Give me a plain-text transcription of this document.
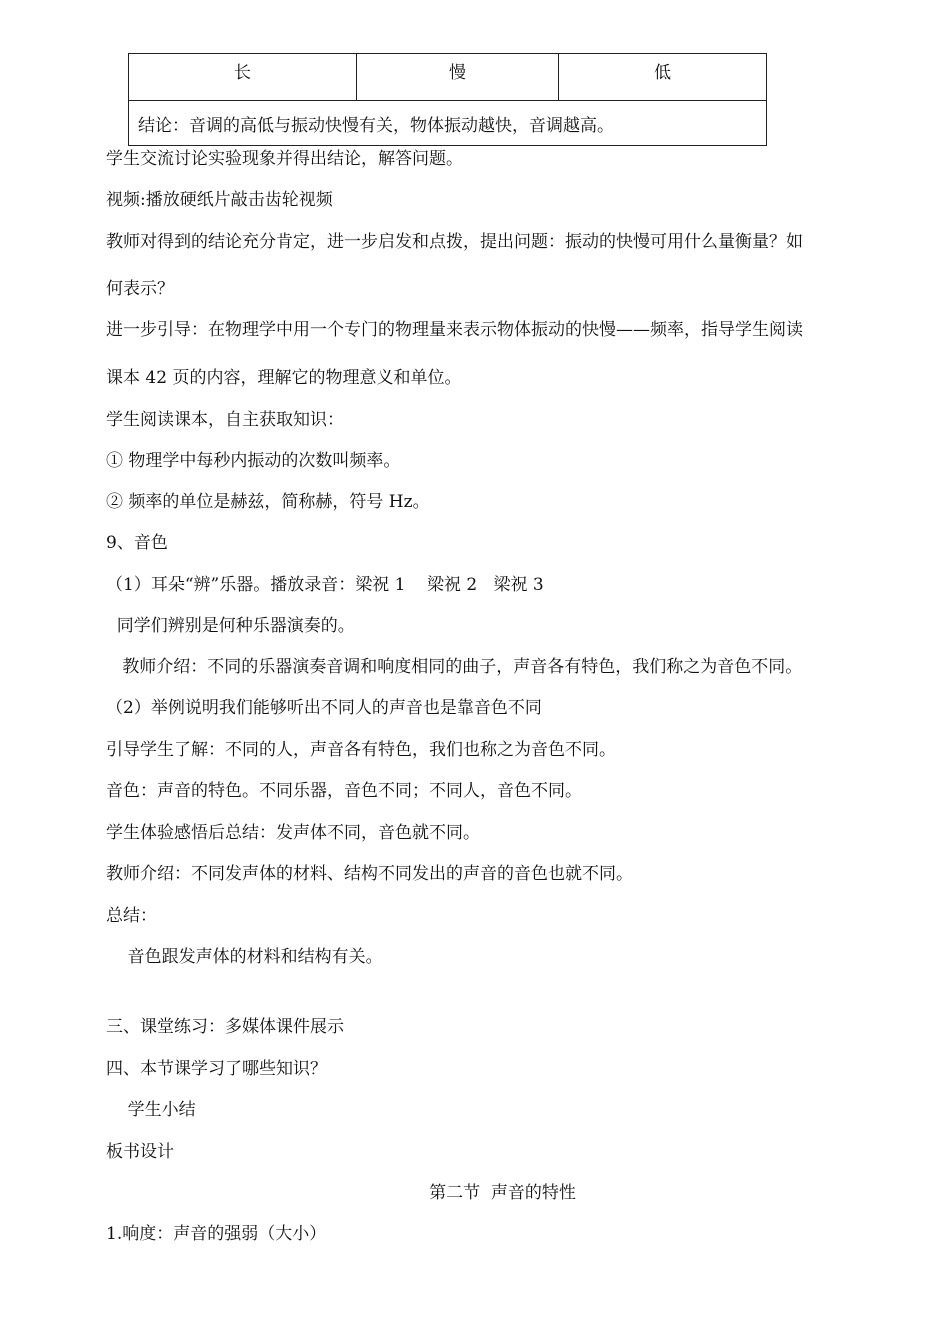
长	慢	低
结论：音调的高低与振动快慢有关，物体振动越快，音调越高。

学生交流讨论实验现象并得出结论，解答问题。

视频:播放硬纸片敲击齿轮视频

教师对得到的结论充分肯定，进一步启发和点拨，提出问题：振动的快慢可用什么量衡量？如

何表示？

进一步引导：在物理学中用一个专门的物理量来表示物体振动的快慢——频率，指导学生阅读

课本 42 页的内容，理解它的物理意义和单位。

学生阅读课本，自主获取知识：

① 物理学中每秒内振动的次数叫频率。

② 频率的单位是赫兹，简称赫，符号 Hz。

9、音色

（1）耳朵“辨”乐器。播放录音：梁祝 1    梁祝 2   梁祝 3

同学们辨别是何种乐器演奏的。

教师介绍：不同的乐器演奏音调和响度相同的曲子，声音各有特色，我们称之为音色不同。

（2）举例说明我们能够听出不同人的声音也是靠音色不同

引导学生了解：不同的人，声音各有特色，我们也称之为音色不同。

音色：声音的特色。不同乐器，音色不同；不同人，音色不同。

学生体验感悟后总结：发声体不同，音色就不同。

教师介绍：不同发声体的材料、结构不同发出的声音的音色也就不同。

总结：

音色跟发声体的材料和结构有关。

三、课堂练习：多媒体课件展示

四、本节课学习了哪些知识？

学生小结

板书设计

第二节  声音的特性

1.响度：声音的强弱（大小）
